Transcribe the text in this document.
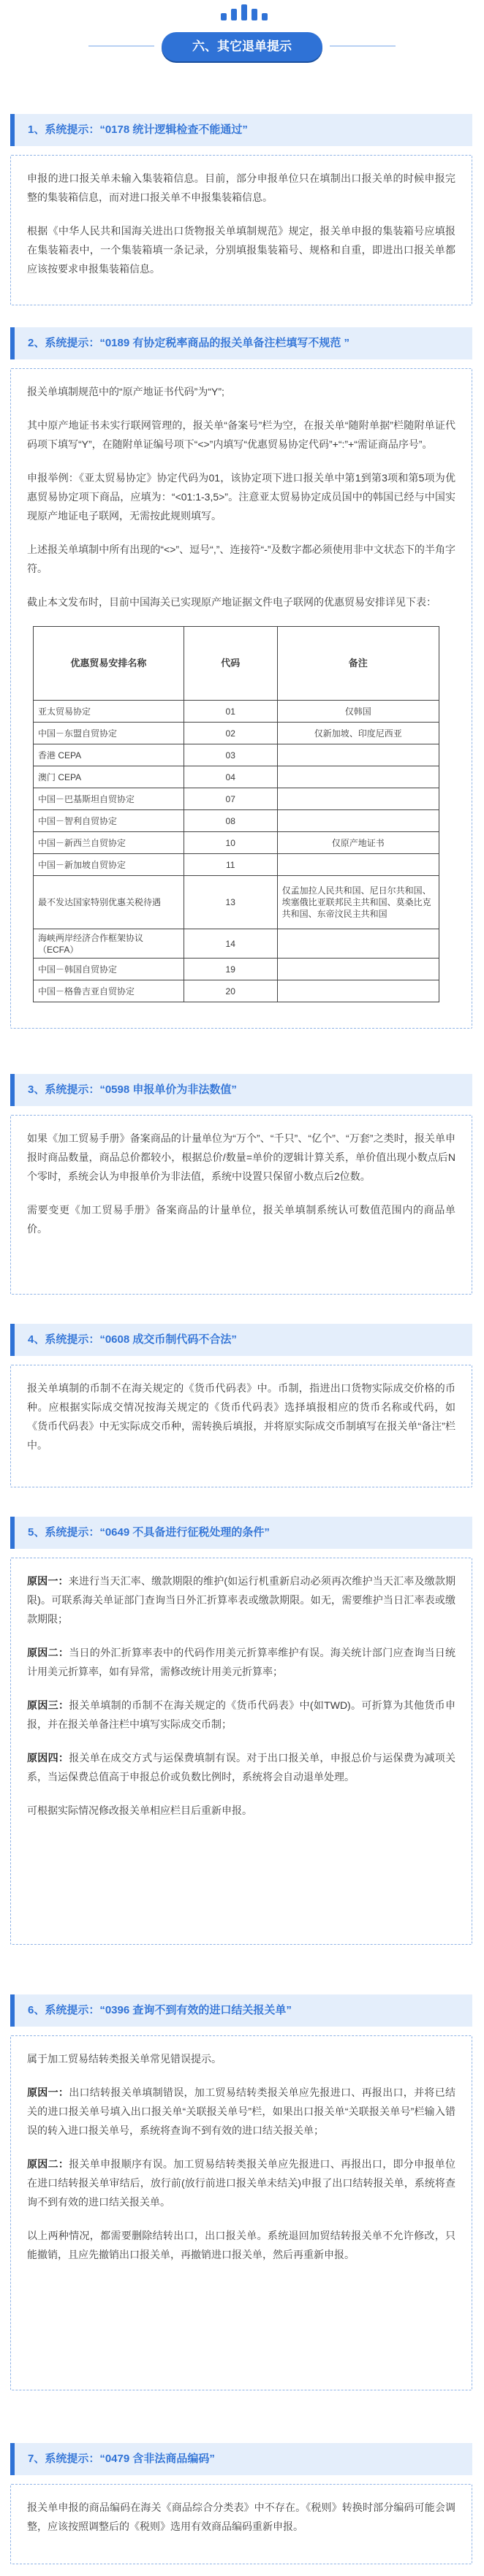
六、其它退单提示
1、系统提示：“0178 统计逻辑检查不能通过”

申报的进口报关单未输入集装箱信息。目前，部分申报单位只在填制出口报关单的时候申报完整的集装箱信息，而对进口报关单不申报集装箱信息。

根据《中华人民共和国海关进出口货物报关单填制规范》规定，报关单申报的集装箱号应填报在集装箱表中，一个集装箱填一条记录，分别填报集装箱号、规格和自重，即进出口报关单都应该按要求申报集装箱信息。

2、系统提示：“0189 有协定税率商品的报关单备注栏填写不规范 ”

报关单填制规范中的“原产地证书代码”为“Y”;

其中原产地证书未实行联网管理的，报关单“备案号”栏为空，在报关单“随附单据”栏随附单证代码项下填写“Y”，在随附单证编号项下“<>”内填写“优惠贸易协定代码”+“:”+“需证商品序号”。

申报举例：《亚太贸易协定》协定代码为01，该协定项下进口报关单中第1到第3项和第5项为优惠贸易协定项下商品，应填为：“<01:1-3,5>”。注意亚太贸易协定成员国中的韩国已经与中国实现原产地证电子联网，无需按此规则填写。

上述报关单填制中所有出现的“<>”、逗号“,”、连接符“-”及数字都必须使用非中文状态下的半角字符。

截止本文发布时，目前中国海关已实现原产地证据文件电子联网的优惠贸易安排详见下表：

优惠贸易安排名称	代码	备注
亚太贸易协定	01	仅韩国
中国－东盟自贸协定	02	仅新加坡、印度尼西亚
香港 CEPA	03	
澳门 CEPA	04	
中国－巴基斯坦自贸协定	07	
中国－智利自贸协定	08	
中国－新西兰自贸协定	10	仅原产地证书
中国－新加坡自贸协定	11	
最不发达国家特别优惠关税待遇	13	仅孟加拉人民共和国、尼日尔共和国、埃塞俄比亚联邦民主共和国、莫桑比克共和国、东帝汶民主共和国
海峡两岸经济合作框架协议（ECFA）	14	
中国－韩国自贸协定	19	
中国－格鲁吉亚自贸协定	20	
3、系统提示：“0598 申报单价为非法数值”

如果《加工贸易手册》备案商品的计量单位为“万个”、“千只”、“亿个”、“万套”之类时，报关单申报时商品数量，商品总价都较小，根据总价/数量=单价的逻辑计算关系，单价值出现小数点后N个零时，系统会认为申报单价为非法值，系统中设置只保留小数点后2位数。

需要变更《加工贸易手册》备案商品的计量单位，报关单填制系统认可数值范围内的商品单价。

4、系统提示：“0608 成交币制代码不合法”

报关单填制的币制不在海关规定的《货币代码表》中。币制，指进出口货物实际成交价格的币种。应根据实际成交情况按海关规定的《货币代码表》选择填报相应的货币名称或代码，如《货币代码表》中无实际成交币种，需转换后填报，并将原实际成交币制填写在报关单“备注”栏中。

5、系统提示：“0649 不具备进行征税处理的条件”

原因一：来进行当天汇率、缴款期限的维护(如运行机重新启动必须再次维护当天汇率及缴款期限)。可联系海关单证部门查询当日外汇折算率表或缴款期限。如无，需要维护当日汇率表或缴款期限；

原因二：当日的外汇折算率表中的代码作用美元折算率维护有误。海关统计部门应查询当日统计用美元折算率，如有异常，需修改统计用美元折算率；

原因三：报关单填制的币制不在海关规定的《货币代码表》中(如TWD)。可折算为其他货币申报，并在报关单备注栏中填写实际成交币制；

原因四：报关单在成交方式与运保费填制有误。对于出口报关单，申报总价与运保费为减项关系，当运保费总值高于申报总价或负数比例时，系统将会自动退单处理。

可根据实际情况修改报关单相应栏目后重新申报。

6、系统提示：“0396 查询不到有效的进口结关报关单”

属于加工贸易结转类报关单常见错误提示。

原因一：出口结转报关单填制错误，加工贸易结转类报关单应先报进口、再报出口，并将已结关的进口报关单号填入出口报关单“关联报关单号”栏，如果出口报关单“关联报关单号”栏输入错误的转入进口报关单号，系统将查询不到有效的进口结关报关单；

原因二：报关单申报顺序有误。加工贸易结转类报关单应先报进口、再报出口，即分申报单位在进口结转报关单审结后，放行前(放行前进口报关单未结关)申报了出口结转报关单，系统将查询不到有效的进口结关报关单。

以上两种情况，都需要删除结转出口，出口报关单。系统退回加贸结转报关单不允许修改，只能撤销，且应先撤销出口报关单，再撤销进口报关单，然后再重新申报。

7、系统提示：“0479 含非法商品编码”

报关单申报的商品编码在海关《商品综合分类表》中不存在。《税则》转换时部分编码可能会调整，应该按照调整后的《税则》选用有效商品编码重新申报。
